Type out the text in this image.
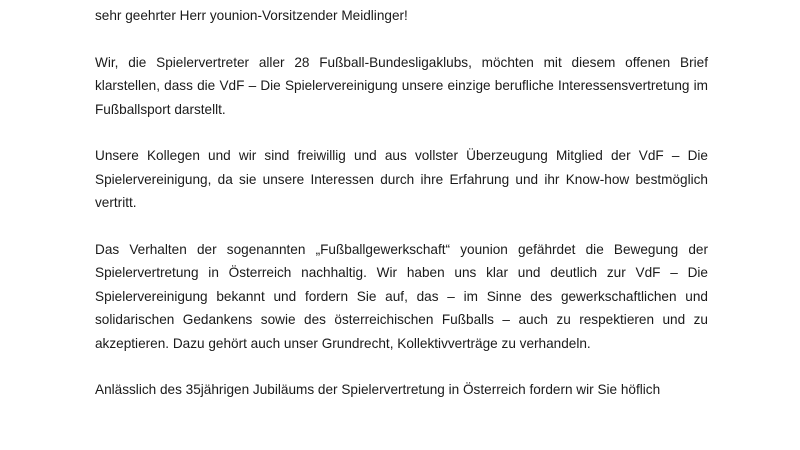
sehr geehrter Herr younion-Vorsitzender Meidlinger!

Wir, die Spielervertreter aller 28 Fußball-Bundesligaklubs, möchten mit diesem offenen Brief klarstellen, dass die VdF – Die Spielervereinigung unsere einzige berufliche Interessensvertretung im Fußballsport darstellt.

Unsere Kollegen und wir sind freiwillig und aus vollster Überzeugung Mitglied der VdF – Die Spielervereinigung, da sie unsere Interessen durch ihre Erfahrung und ihr Know-how bestmöglich vertritt.

Das Verhalten der sogenannten „Fußballgewerkschaft“ younion gefährdet die Bewegung der Spielervertretung in Österreich nachhaltig. Wir haben uns klar und deutlich zur VdF – Die Spielervereinigung bekannt und fordern Sie auf, das – im Sinne des gewerkschaftlichen und solidarischen Gedankens sowie des österreichischen Fußballs – auch zu respektieren und zu akzeptieren. Dazu gehört auch unser Grundrecht, Kollektivverträge zu verhandeln.

Anlässlich des 35jährigen Jubiläums der Spielervertretung in Österreich fordern wir Sie höflich
